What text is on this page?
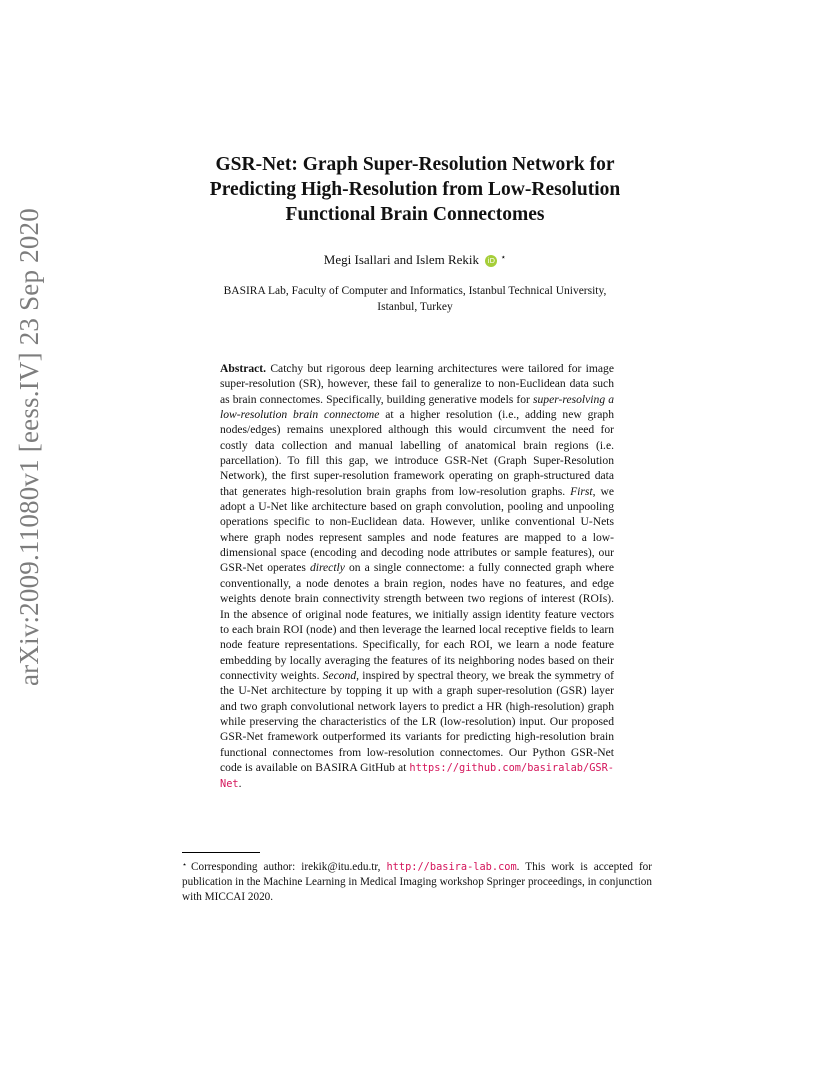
arXiv:2009.11080v1 [eess.IV] 23 Sep 2020
GSR-Net: Graph Super-Resolution Network for
Predicting High-Resolution from Low-Resolution
Functional Brain Connectomes
Megi Isallari and Islem Rekik iD ⋆
BASIRA Lab, Faculty of Computer and Informatics, Istanbul Technical University,
Istanbul, Turkey
Abstract. Catchy but rigorous deep learning architectures were tailored for image super-resolution (SR), however, these fail to generalize to non-Euclidean data such as brain connectomes. Specifically, building generative models for super-resolving a low-resolution brain connectome at a higher resolution (i.e., adding new graph nodes/edges) remains unexplored although this would circumvent the need for costly data collection and manual labelling of anatomical brain regions (i.e. parcellation). To fill this gap, we introduce GSR-Net (Graph Super-Resolution Network), the first super-resolution framework operating on graph-structured data that generates high-resolution brain graphs from low-resolution graphs. First, we adopt a U-Net like architecture based on graph convolution, pooling and unpooling operations specific to non-Euclidean data. However, unlike conventional U-Nets where graph nodes represent samples and node features are mapped to a low-dimensional space (encoding and decoding node attributes or sample features), our GSR-Net operates directly on a single connectome: a fully connected graph where conventionally, a node denotes a brain region, nodes have no features, and edge weights denote brain connectivity strength between two regions of interest (ROIs). In the absence of original node features, we initially assign identity feature vectors to each brain ROI (node) and then leverage the learned local receptive fields to learn node feature representations. Specifically, for each ROI, we learn a node feature embedding by locally averaging the features of its neighboring nodes based on their connectivity weights. Second, inspired by spectral theory, we break the symmetry of the U-Net architecture by topping it up with a graph super-resolution (GSR) layer and two graph convolutional network layers to predict a HR (high-resolution) graph while preserving the characteristics of the LR (low-resolution) input. Our proposed GSR-Net framework outperformed its variants for predicting high-resolution brain functional connectomes from low-resolution connectomes. Our Python GSR-Net code is available on BASIRA GitHub at https://github.com/basiralab/GSR-Net.
⋆ Corresponding author: irekik@itu.edu.tr, http://basira-lab.com. This work is accepted for publication in the Machine Learning in Medical Imaging workshop Springer proceedings, in conjunction with MICCAI 2020.
